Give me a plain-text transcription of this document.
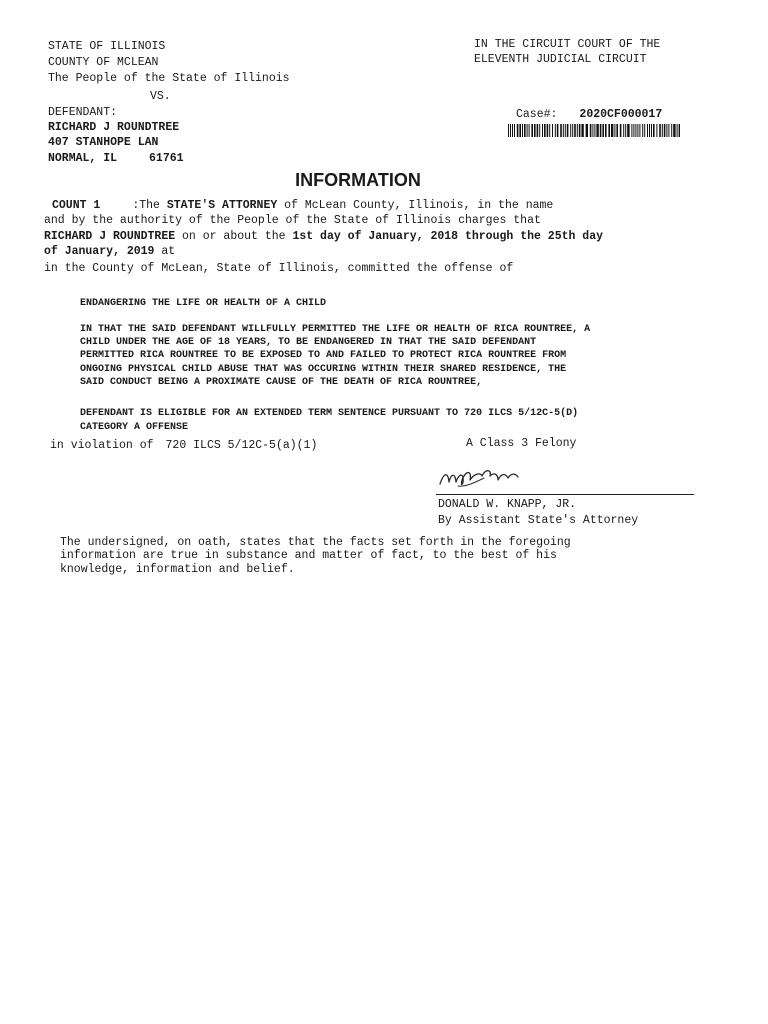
STATE OF ILLINOIS
COUNTY OF MCLEAN
The People of the State of Illinois
VS.
IN THE CIRCUIT COURT OF THE
ELEVENTH JUDICIAL CIRCUIT
DEFENDANT:
RICHARD J ROUNDTREE
407 STANHOPE LAN
NORMAL, IL	61761
Case#: 2020CF000017
INFORMATION
COUNT 1	:The STATE'S ATTORNEY of McLean County, Illinois, in the name
and by the authority of the People of the State of Illinois charges that
RICHARD J ROUNDTREE on or about the 1st day of January, 2018 through the 25th day
of January, 2019 at
in the County of McLean, State of Illinois, committed the offense of
ENDANGERING THE LIFE OR HEALTH OF A CHILD
IN THAT THE SAID DEFENDANT WILLFULLY PERMITTED THE LIFE OR HEALTH OF RICA ROUNTREE, A
CHILD UNDER THE AGE OF 18 YEARS, TO BE ENDANGERED IN THAT THE SAID DEFENDANT
PERMITTED RICA ROUNTREE TO BE EXPOSED TO AND FAILED TO PROTECT RICA ROUNTREE FROM
ONGOING PHYSICAL CHILD ABUSE THAT WAS OCCURING WITHIN THEIR SHARED RESIDENCE, THE
SAID CONDUCT BEING A PROXIMATE CAUSE OF THE DEATH OF RICA ROUNTREE,
DEFENDANT IS ELIGIBLE FOR AN EXTENDED TERM SENTENCE PURSUANT TO 720 ILCS 5/12C-5(D)
CATEGORY A OFFENSE
in violation of 720 ILCS 5/12C-5(a)(1)	A Class 3 Felony
DONALD W. KNAPP, JR.
By Assistant State's Attorney
The undersigned, on oath, states that the facts set forth in the foregoing
information are true in substance and matter of fact, to the best of his
knowledge, information and belief.
